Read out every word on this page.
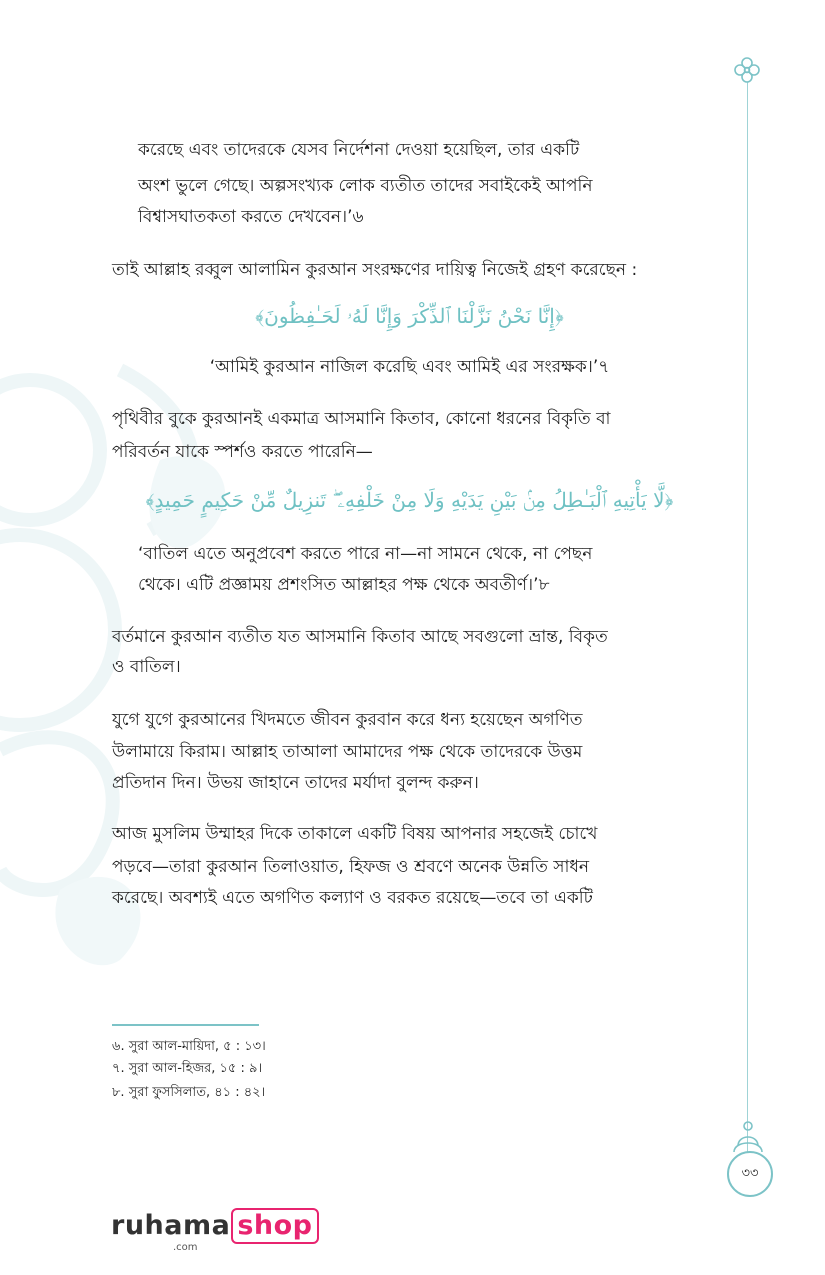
৩৩

করেছে এবং তাদেরকে যেসব নির্দেশনা দেওয়া হয়েছিল, তার একটি

অংশ ভুলে গেছে। অল্পসংখ্যক লোক ব্যতীত তাদের সবাইকেই আপনি

বিশ্বাসঘাতকতা করতে দেখবেন।’৬

তাই আল্লাহ রব্বুল আলামিন কুরআন সংরক্ষণের দায়িত্ব নিজেই গ্রহণ করেছেন :

﴿إِنَّا نَحْنُ نَزَّلْنَا ٱلذِّكْرَ وَإِنَّا لَهُۥ لَحَـٰفِظُونَ﴾

‘আমিই কুরআন নাজিল করেছি এবং আমিই এর সংরক্ষক।’৭

পৃথিবীর বুকে কুরআনই একমাত্র আসমানি কিতাব, কোনো ধরনের বিকৃতি বা

পরিবর্তন যাকে স্পর্শও করতে পারেনি—

﴿لَّا يَأْتِيهِ ٱلْبَـٰطِلُ مِنۢ بَيْنِ يَدَيْهِ وَلَا مِنْ خَلْفِهِۦ ۖ تَنزِيلٌ مِّنْ حَكِيمٍ حَمِيدٍ﴾

‘বাতিল এতে অনুপ্রবেশ করতে পারে না—না সামনে থেকে, না পেছন

থেকে। এটি প্রজ্ঞাময় প্রশংসিত আল্লাহর পক্ষ থেকে অবতীর্ণ।’৮

বর্তমানে কুরআন ব্যতীত যত আসমানি কিতাব আছে সবগুলো ভ্রান্ত, বিকৃত

ও বাতিল।

যুগে যুগে কুরআনের খিদমতে জীবন কুরবান করে ধন্য হয়েছেন অগণিত

উলামায়ে কিরাম। আল্লাহ তাআলা আমাদের পক্ষ থেকে তাদেরকে উত্তম

প্রতিদান দিন। উভয় জাহানে তাদের মর্যাদা বুলন্দ করুন।

আজ মুসলিম উম্মাহর দিকে তাকালে একটি বিষয় আপনার সহজেই চোখে

পড়বে—তারা কুরআন তিলাওয়াত, হিফজ ও শ্রবণে অনেক উন্নতি সাধন

করেছে। অবশ্যই এতে অগণিত কল্যাণ ও বরকত রয়েছে—তবে তা একটি

৬. সুরা আল-মায়িদা, ৫ : ১৩।

৭. সুরা আল-হিজর, ১৫ : ৯।

৮. সুরা ফুসসিলাত, ৪১ : ৪২।

ruhama shop
.com
